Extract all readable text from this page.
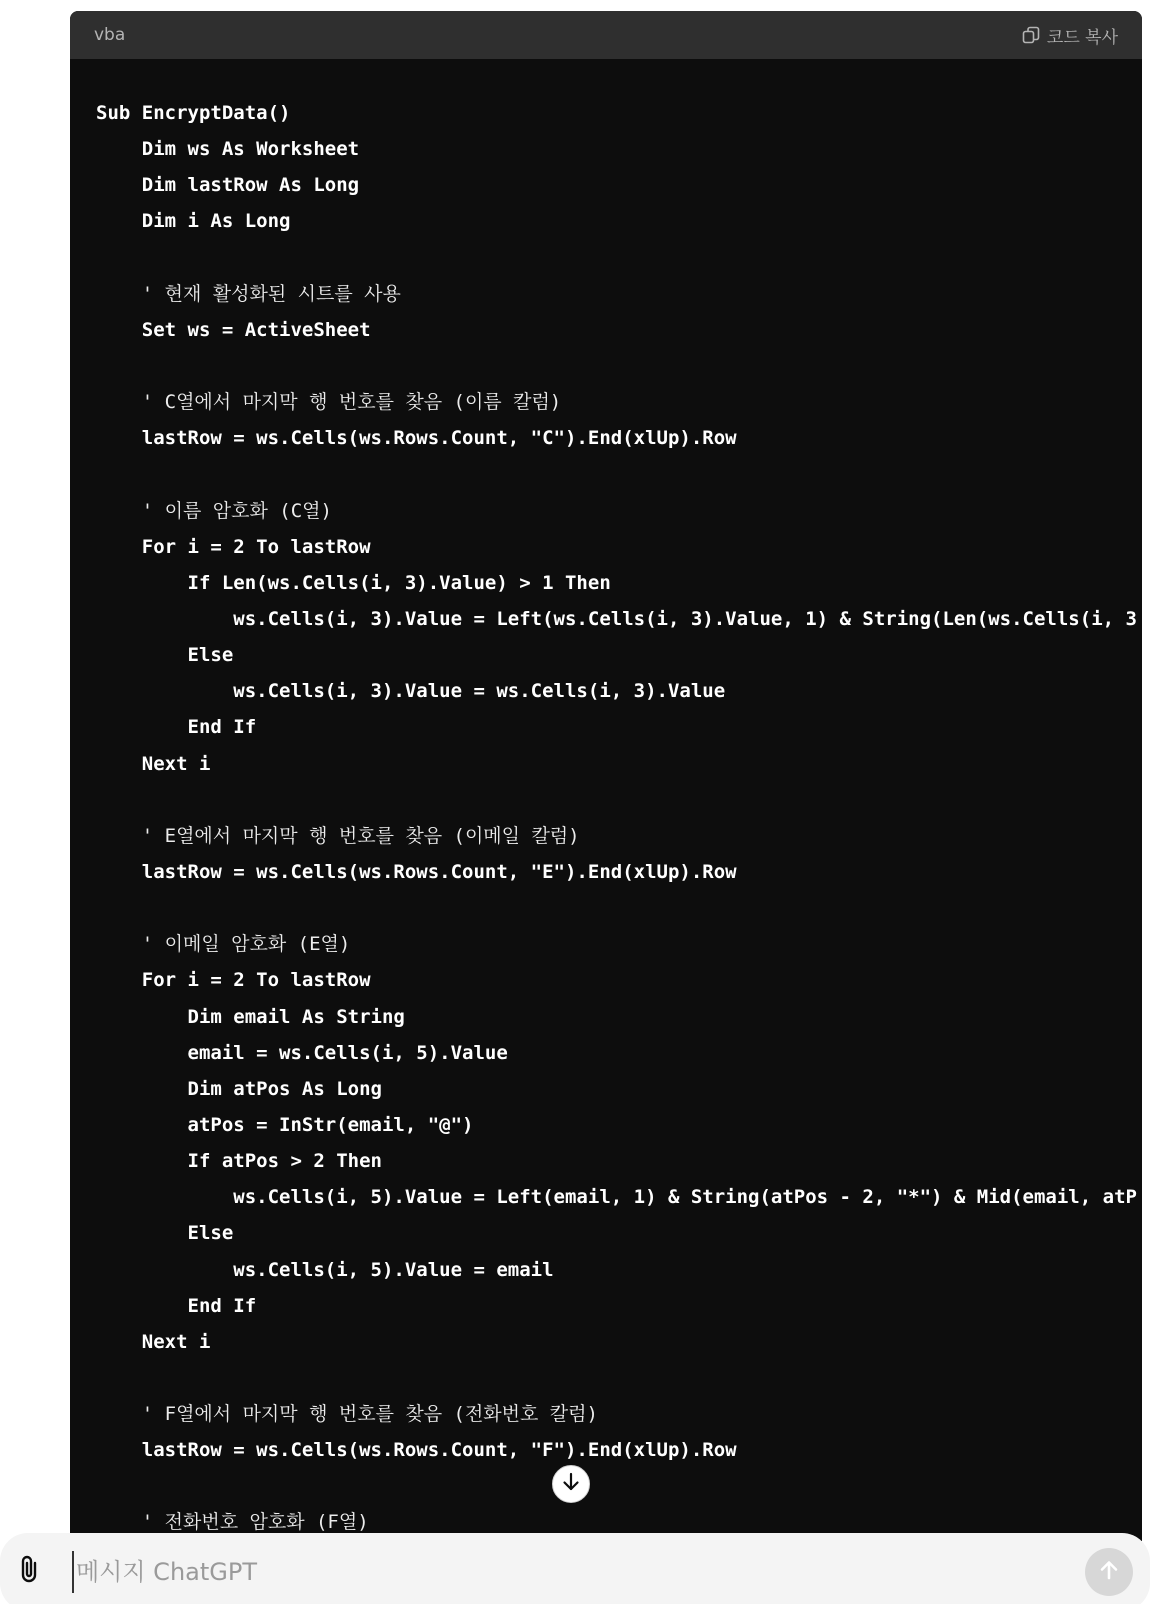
vba	코드 복사
Sub EncryptData()
Dim ws As Worksheet
Dim lastRow As Long
Dim i As Long
' 현재 활성화된 시트를 사용
Set ws = ActiveSheet
' C열에서 마지막 행 번호를 찾음 (이름 칼럼)
lastRow = ws.Cells(ws.Rows.Count, "C").End(xlUp).Row
' 이름 암호화 (C열)
For i = 2 To lastRow
If Len(ws.Cells(i, 3).Value) > 1 Then
ws.Cells(i, 3).Value = Left(ws.Cells(i, 3).Value, 1) & String(Len(ws.Cells(i, 3
Else
ws.Cells(i, 3).Value = ws.Cells(i, 3).Value
End If
Next i
' E열에서 마지막 행 번호를 찾음 (이메일 칼럼)
lastRow = ws.Cells(ws.Rows.Count, "E").End(xlUp).Row
' 이메일 암호화 (E열)
For i = 2 To lastRow
Dim email As String
email = ws.Cells(i, 5).Value
Dim atPos As Long
atPos = InStr(email, "@")
If atPos > 2 Then
ws.Cells(i, 5).Value = Left(email, 1) & String(atPos - 2, "*") & Mid(email, atP
Else
ws.Cells(i, 5).Value = email
End If
Next i
' F열에서 마지막 행 번호를 찾음 (전화번호 칼럼)
lastRow = ws.Cells(ws.Rows.Count, "F").End(xlUp).Row
' 전화번호 암호화 (F열)
메시지 ChatGPT
